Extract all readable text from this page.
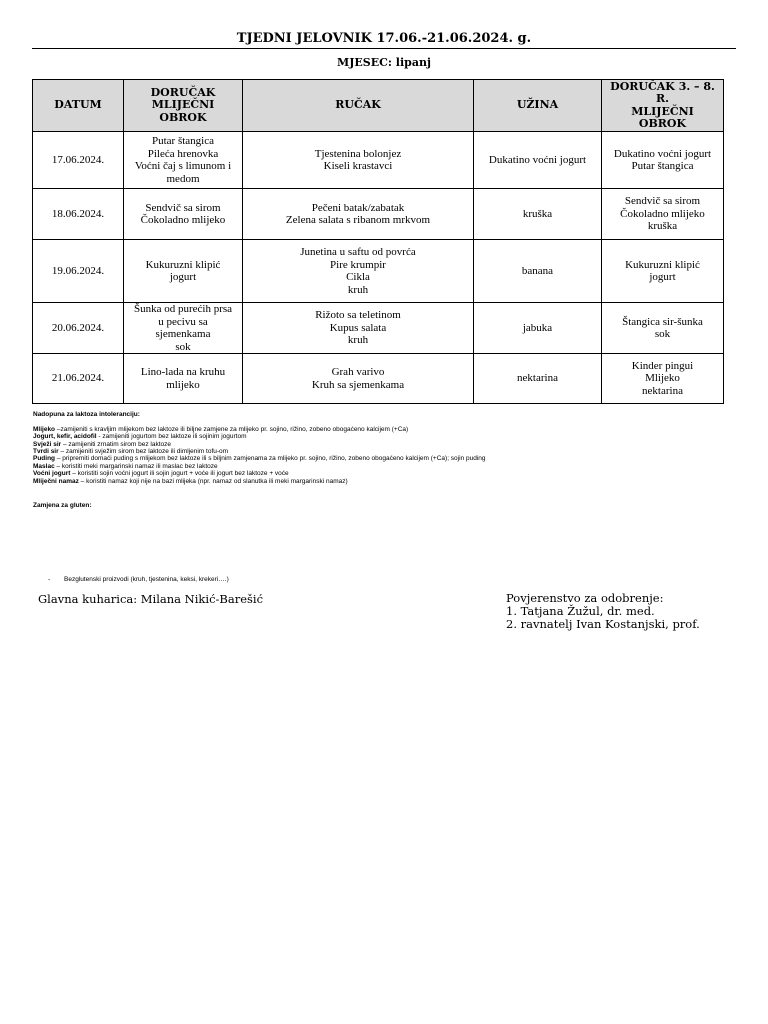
TJEDNI JELOVNIK 17.06.-21.06.2024. g.
MJESEC: lipanj
DATUM	DORUČAK
MLIJEČNI
OBROK	RUČAK	UŽINA	DORUČAK 3. – 8.
R.
MLIJEČNI
OBROK

17.06.2024.	Putar štangica
Pileća hrenovka
Voćni čaj s limunom i
medom	Tjestenina bolonjez
Kiseli krastavci	Dukatino voćni jogurt	Dukatino voćni jogurt
Putar štangica

18.06.2024.	Sendvič sa sirom
Čokoladno mlijeko	Pečeni batak/zabatak
Zelena salata s ribanom mrkvom	kruška	Sendvič sa sirom
Čokoladno mlijeko
kruška

19.06.2024.	Kukuruzni klipić
jogurt	Junetina u saftu od povrća
Pire krumpir
Cikla
kruh	banana	Kukuruzni klipić
jogurt

20.06.2024.	Šunka od purećih prsa
u pecivu sa
sjemenkama
sok	Rižoto sa teletinom
Kupus salata
kruh	jabuka	Štangica sir-šunka
sok

21.06.2024.	Lino-lada na kruhu
mlijeko	Grah varivo
Kruh sa sjemenkama	nektarina	Kinder pingui
Mlijeko
nektarina
Nadopuna za laktoza intoleranciju:

Mlijeko –zamijeniti s kravljim mlijekom bez laktoze ili biljne zamjene za mlijeko pr. sojino, rižino, zobeno obogaćeno kalcijem (+Ca)
Jogurt, kefir, acidofil - zamijeniti jogurtom bez laktoze ili sojinim jogurtom
Svježi sir – zamijeniti zrnatim sirom bez laktoze
Tvrdi sir – zamijeniti svježim sirom bez laktoze ili dimljenim tofu-om
Puding – pripremiti domaći puding s mlijekom bez laktoze ili s biljnim zamjenama za mlijeko pr. sojino, rižino, zobeno obogaćeno kalcijem (+Ca); sojin puding
Maslac – koristiti meki margarinski namaz ili maslac bez laktoze
Voćni jogurt – koristiti sojin voćni jogurt ili sojin jogurt + voće ili jogurt bez laktoze + voće
Mliječni namaz – koristiti namaz koji nije na bazi mlijeka (npr. namaz od slanutka ili meki margarinski namaz)
Zamjena za gluten:
- Bezglutenski proizvodi (kruh, tjestenina, keksi, krekeri….)
Glavna kuharica: Milana Nikić-Barešić	Povjerenstvo za odobrenje:
1. Tatjana Žužul, dr. med.
2. ravnatelj Ivan Kostanjski, prof.
